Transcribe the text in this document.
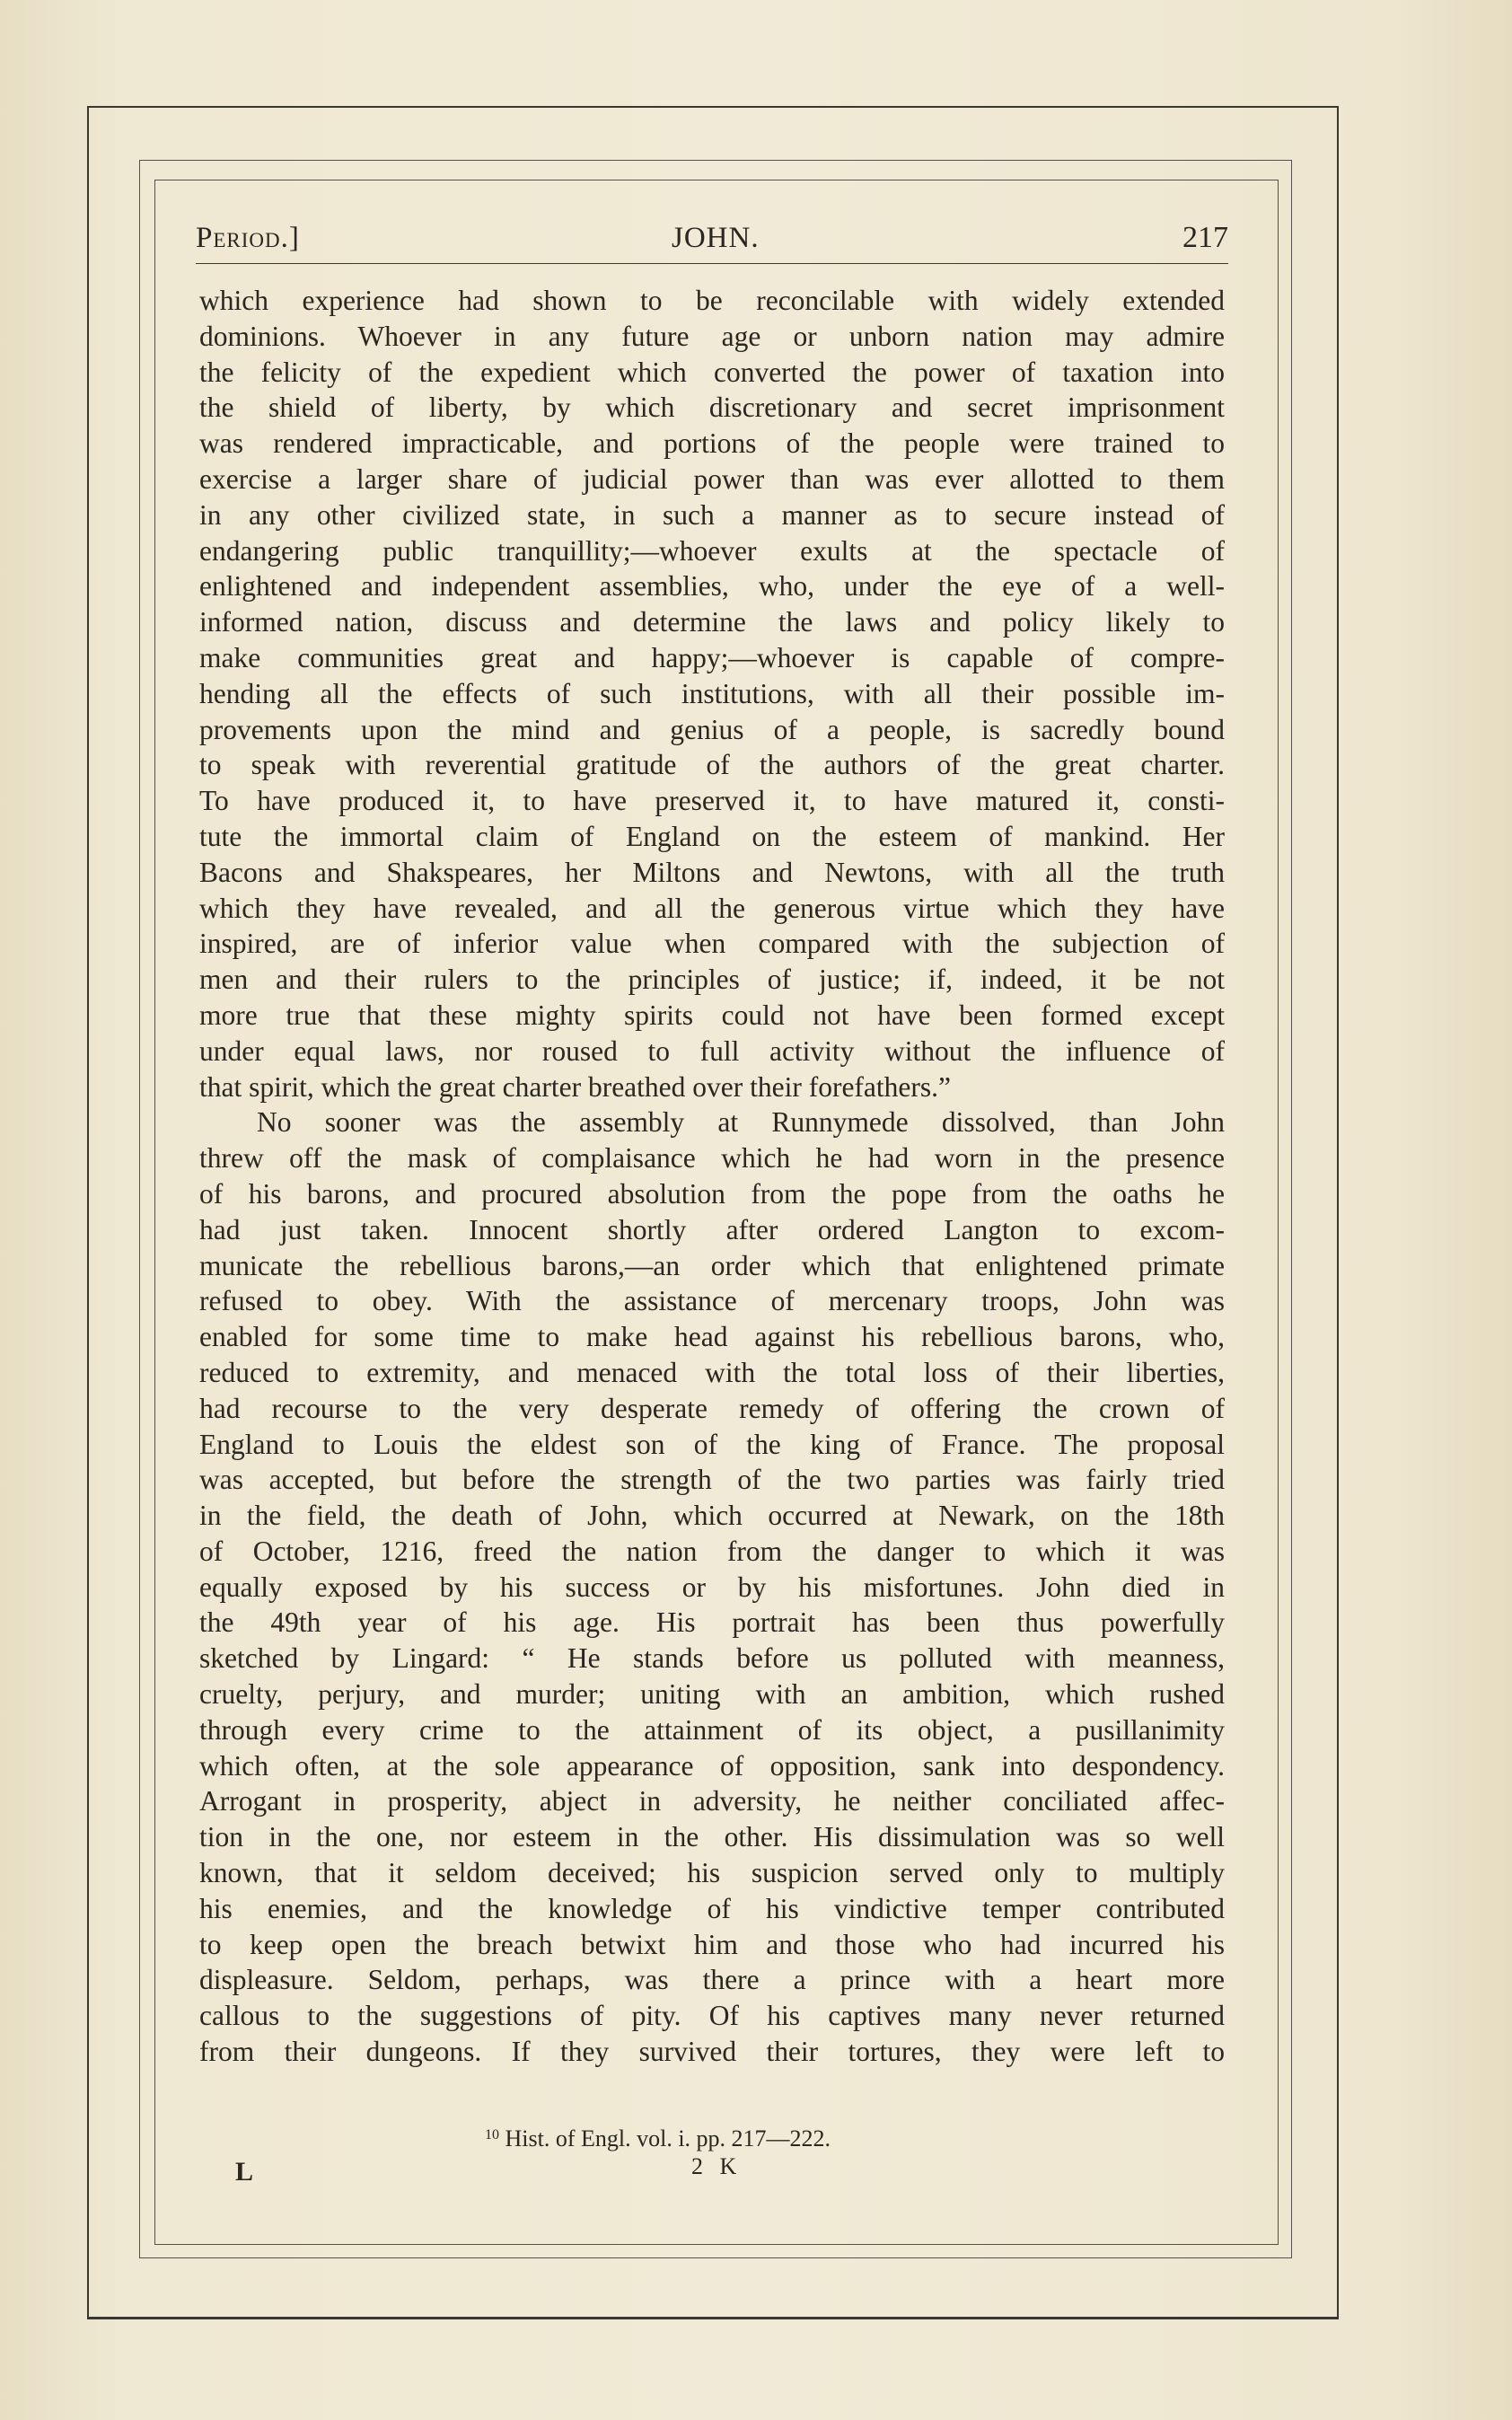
Period.]	JOHN.	217
which experience had shown to be reconcilable with widely extended
dominions. Whoever in any future age or unborn nation may admire
the felicity of the expedient which converted the power of taxation into
the shield of liberty, by which discretionary and secret imprisonment
was rendered impracticable, and portions of the people were trained to
exercise a larger share of judicial power than was ever allotted to them
in any other civilized state, in such a manner as to secure instead of
endangering public tranquillity;—whoever exults at the spectacle of
enlightened and independent assemblies, who, under the eye of a well-
informed nation, discuss and determine the laws and policy likely to
make communities great and happy;—whoever is capable of compre-
hending all the effects of such institutions, with all their possible im-
provements upon the mind and genius of a people, is sacredly bound
to speak with reverential gratitude of the authors of the great charter.
To have produced it, to have preserved it, to have matured it, consti-
tute the immortal claim of England on the esteem of mankind. Her
Bacons and Shakspeares, her Miltons and Newtons, with all the truth
which they have revealed, and all the generous virtue which they have
inspired, are of inferior value when compared with the subjection of
men and their rulers to the principles of justice; if, indeed, it be not
more true that these mighty spirits could not have been formed except
under equal laws, nor roused to full activity without the influence of
that spirit, which the great charter breathed over their forefathers.”
No sooner was the assembly at Runnymede dissolved, than John
threw off the mask of complaisance which he had worn in the presence
of his barons, and procured absolution from the pope from the oaths he
had just taken. Innocent shortly after ordered Langton to excom-
municate the rebellious barons,—an order which that enlightened primate
refused to obey. With the assistance of mercenary troops, John was
enabled for some time to make head against his rebellious barons, who,
reduced to extremity, and menaced with the total loss of their liberties,
had recourse to the very desperate remedy of offering the crown of
England to Louis the eldest son of the king of France. The proposal
was accepted, but before the strength of the two parties was fairly tried
in the field, the death of John, which occurred at Newark, on the 18th
of October, 1216, freed the nation from the danger to which it was
equally exposed by his success or by his misfortunes. John died in
the 49th year of his age. His portrait has been thus powerfully
sketched by Lingard: “ He stands before us polluted with meanness,
cruelty, perjury, and murder; uniting with an ambition, which rushed
through every crime to the attainment of its object, a pusillanimity
which often, at the sole appearance of opposition, sank into despondency.
Arrogant in prosperity, abject in adversity, he neither conciliated affec-
tion in the one, nor esteem in the other. His dissimulation was so well
known, that it seldom deceived; his suspicion served only to multiply
his enemies, and the knowledge of his vindictive temper contributed
to keep open the breach betwixt him and those who had incurred his
displeasure. Seldom, perhaps, was there a prince with a heart more
callous to the suggestions of pity. Of his captives many never returned
from their dungeons. If they survived their tortures, they were left to
$^{10}$ Hist. of Engl. vol. i. pp. 217—222.
L	2 K
